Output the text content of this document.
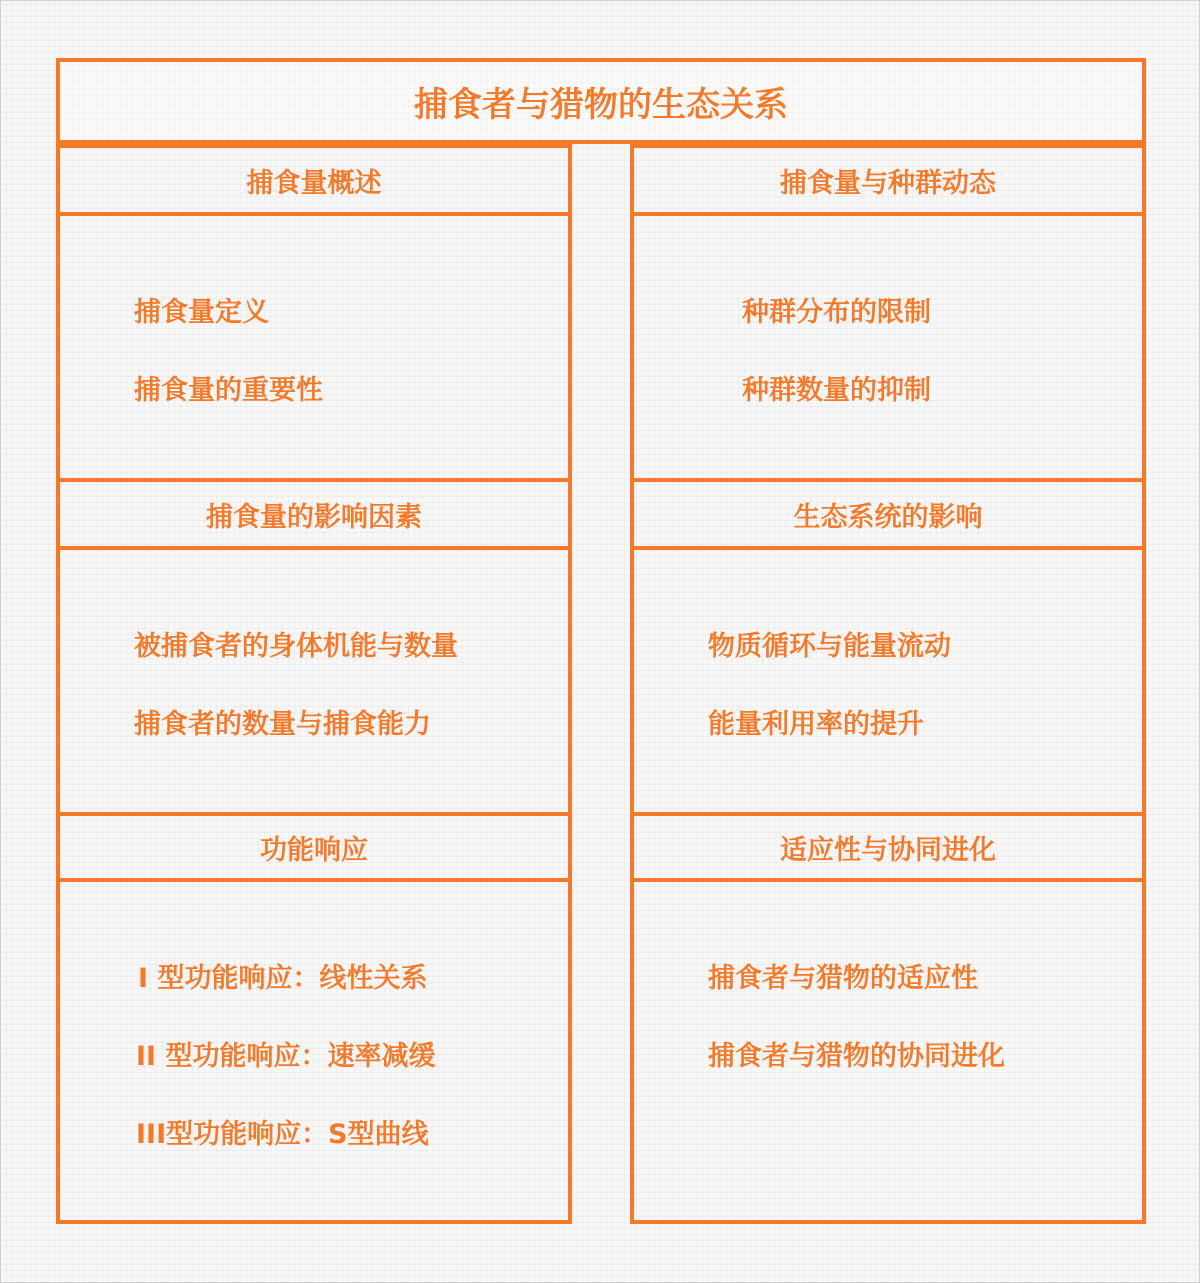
捕食者与猎物的生态关系
捕食量概述
捕食量定义
捕食量的重要性
捕食量的影响因素
被捕食者的身体机能与数量
捕食者的数量与捕食能力
功能响应
I 型功能响应：线性关系
II 型功能响应：速率减缓
III型功能响应：S型曲线
捕食量与种群动态
种群分布的限制
种群数量的抑制
生态系统的影响
物质循环与能量流动
能量利用率的提升
适应性与协同进化
捕食者与猎物的适应性
捕食者与猎物的协同进化
